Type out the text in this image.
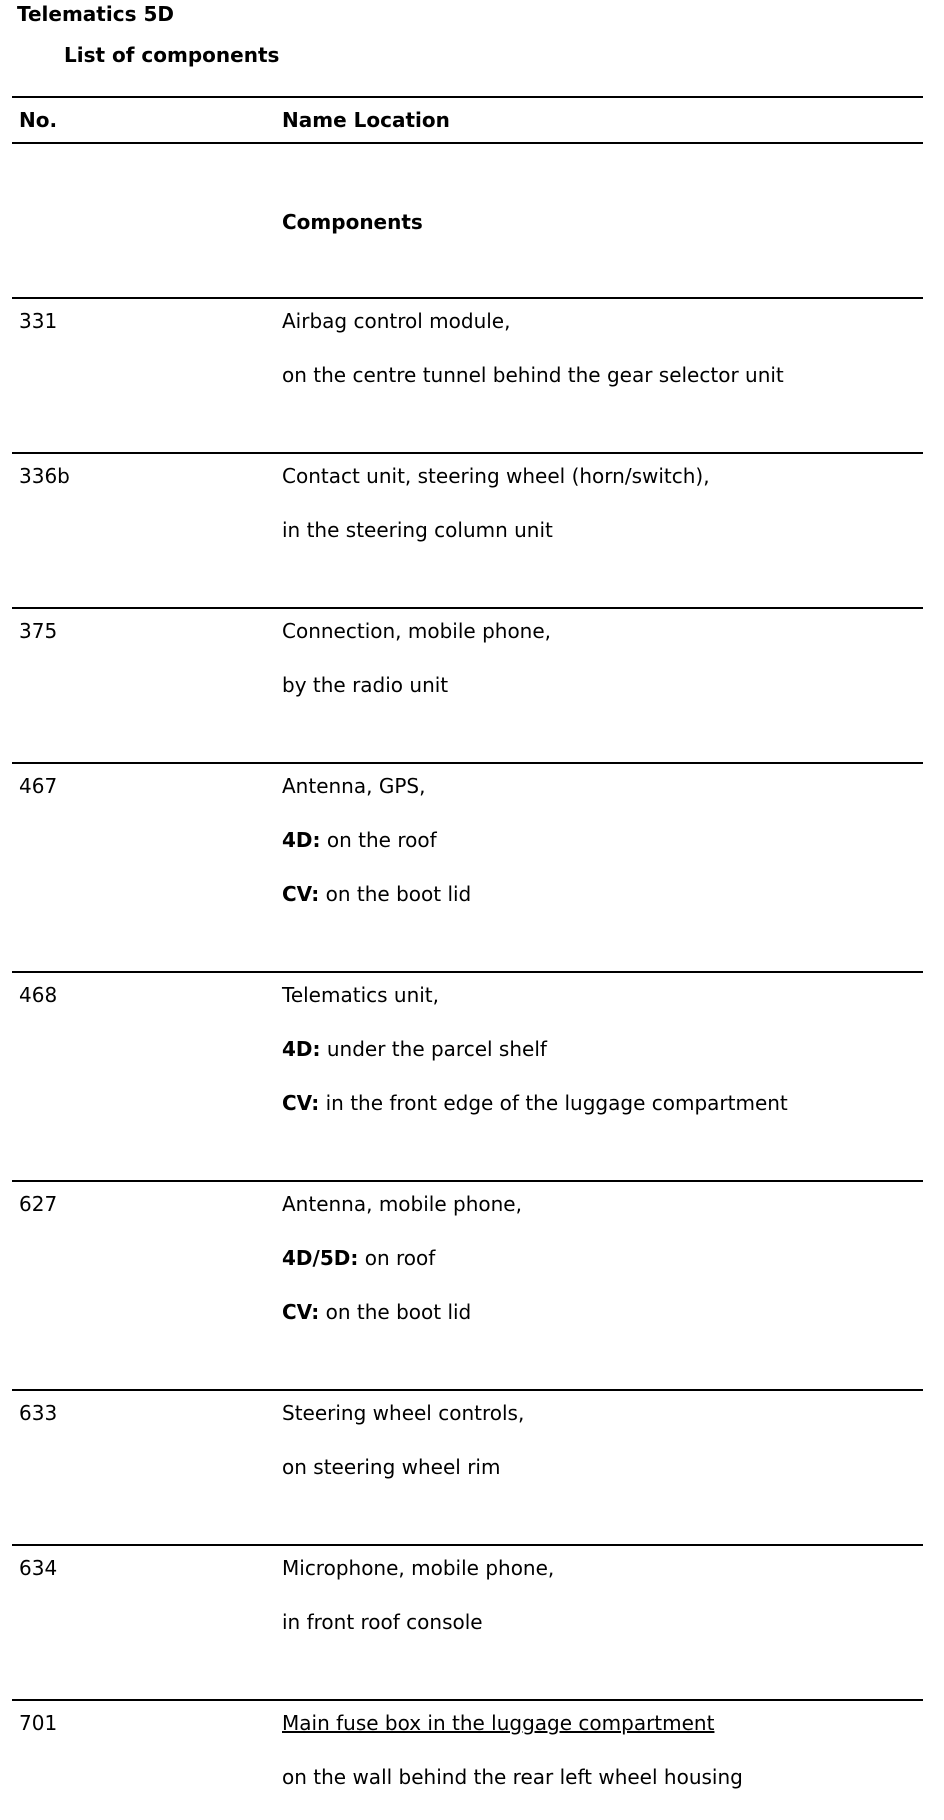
Telematics 5D
List of components
No.	Name Location
Components
331	Airbag control module,
on the centre tunnel behind the gear selector unit
336b	Contact unit, steering wheel (horn/switch),
in the steering column unit
375	Connection, mobile phone,
by the radio unit
467	Antenna, GPS,
4D: on the roof
CV: on the boot lid
468	Telematics unit,
4D: under the parcel shelf
CV: in the front edge of the luggage compartment
627	Antenna, mobile phone,
4D/5D: on roof
CV: on the boot lid
633	Steering wheel controls,
on steering wheel rim
634	Microphone, mobile phone,
in front roof console
701	Main fuse box in the luggage compartment
on the wall behind the rear left wheel housing
